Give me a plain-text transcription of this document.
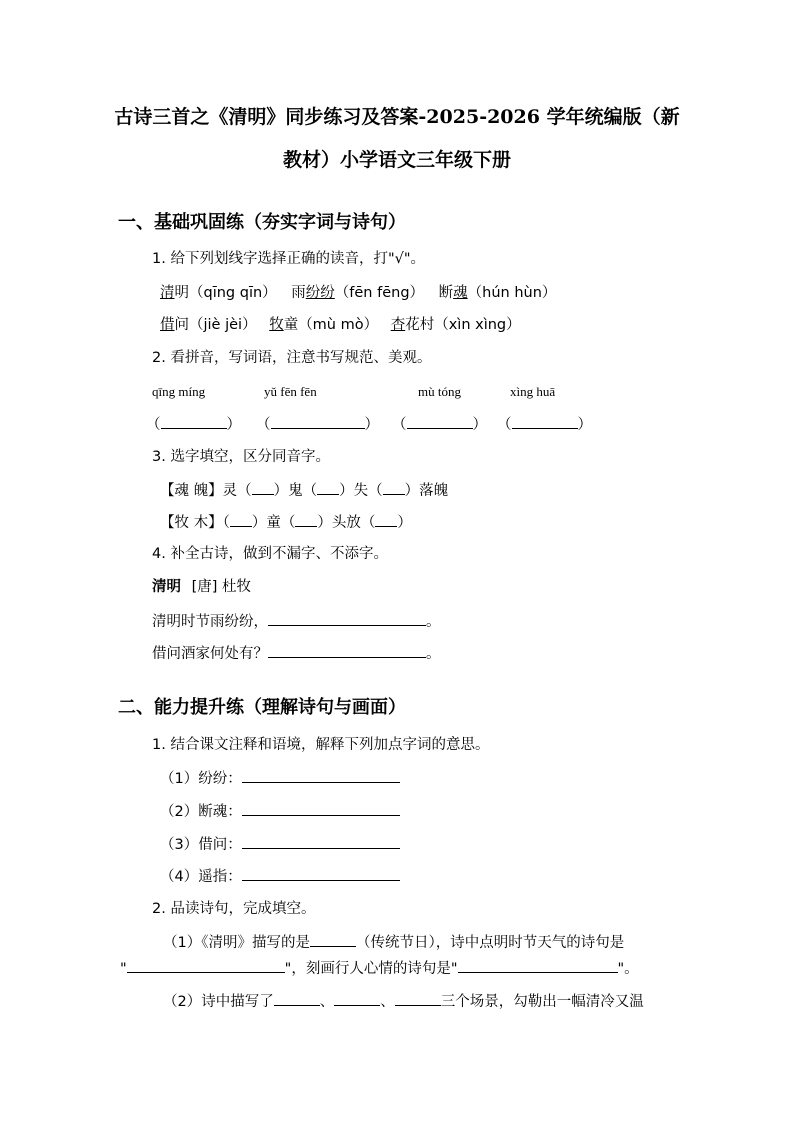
古诗三首之《清明》同步练习及答案-2025-2026 学年统编版（新
教材）小学语文三年级下册
一、基础巩固练（夯实字词与诗句）
1. 给下列划线字选择正确的读音，打"√"。
清明（qīng qīn） 雨纷纷（fēn fēng） 断魂（hún hùn）
借问（jiè jèi） 牧童（mù mò） 杏花村（xìn xìng）
2. 看拼音，写词语，注意书写规范、美观。
qīng míng	yǔ fēn fēn	mù tóng	xìng huā
（	） （	） （	） （	）
3. 选字填空，区分同音字。
【魂 魄】灵（ ）鬼（ ）失（ ）落魄
【牧 木】（ ）童（ ）头放（ ）
4. 补全古诗，做到不漏字、不添字。
清明 [唐] 杜牧
清明时节雨纷纷，	。
借问酒家何处有？	。
二、能力提升练（理解诗句与画面）
1. 结合课文注释和语境，解释下列加点字词的意思。
（1）纷纷：
（2）断魂：
（3）借问：
（4）遥指：
2. 品读诗句，完成填空。
（1）《清明》描写的是	（传统节日），诗中点明时节天气的诗句是
"	"，刻画行人心情的诗句是"	"。
（2）诗中描写了	、	、	三个场景，勾勒出一幅清冷又温
